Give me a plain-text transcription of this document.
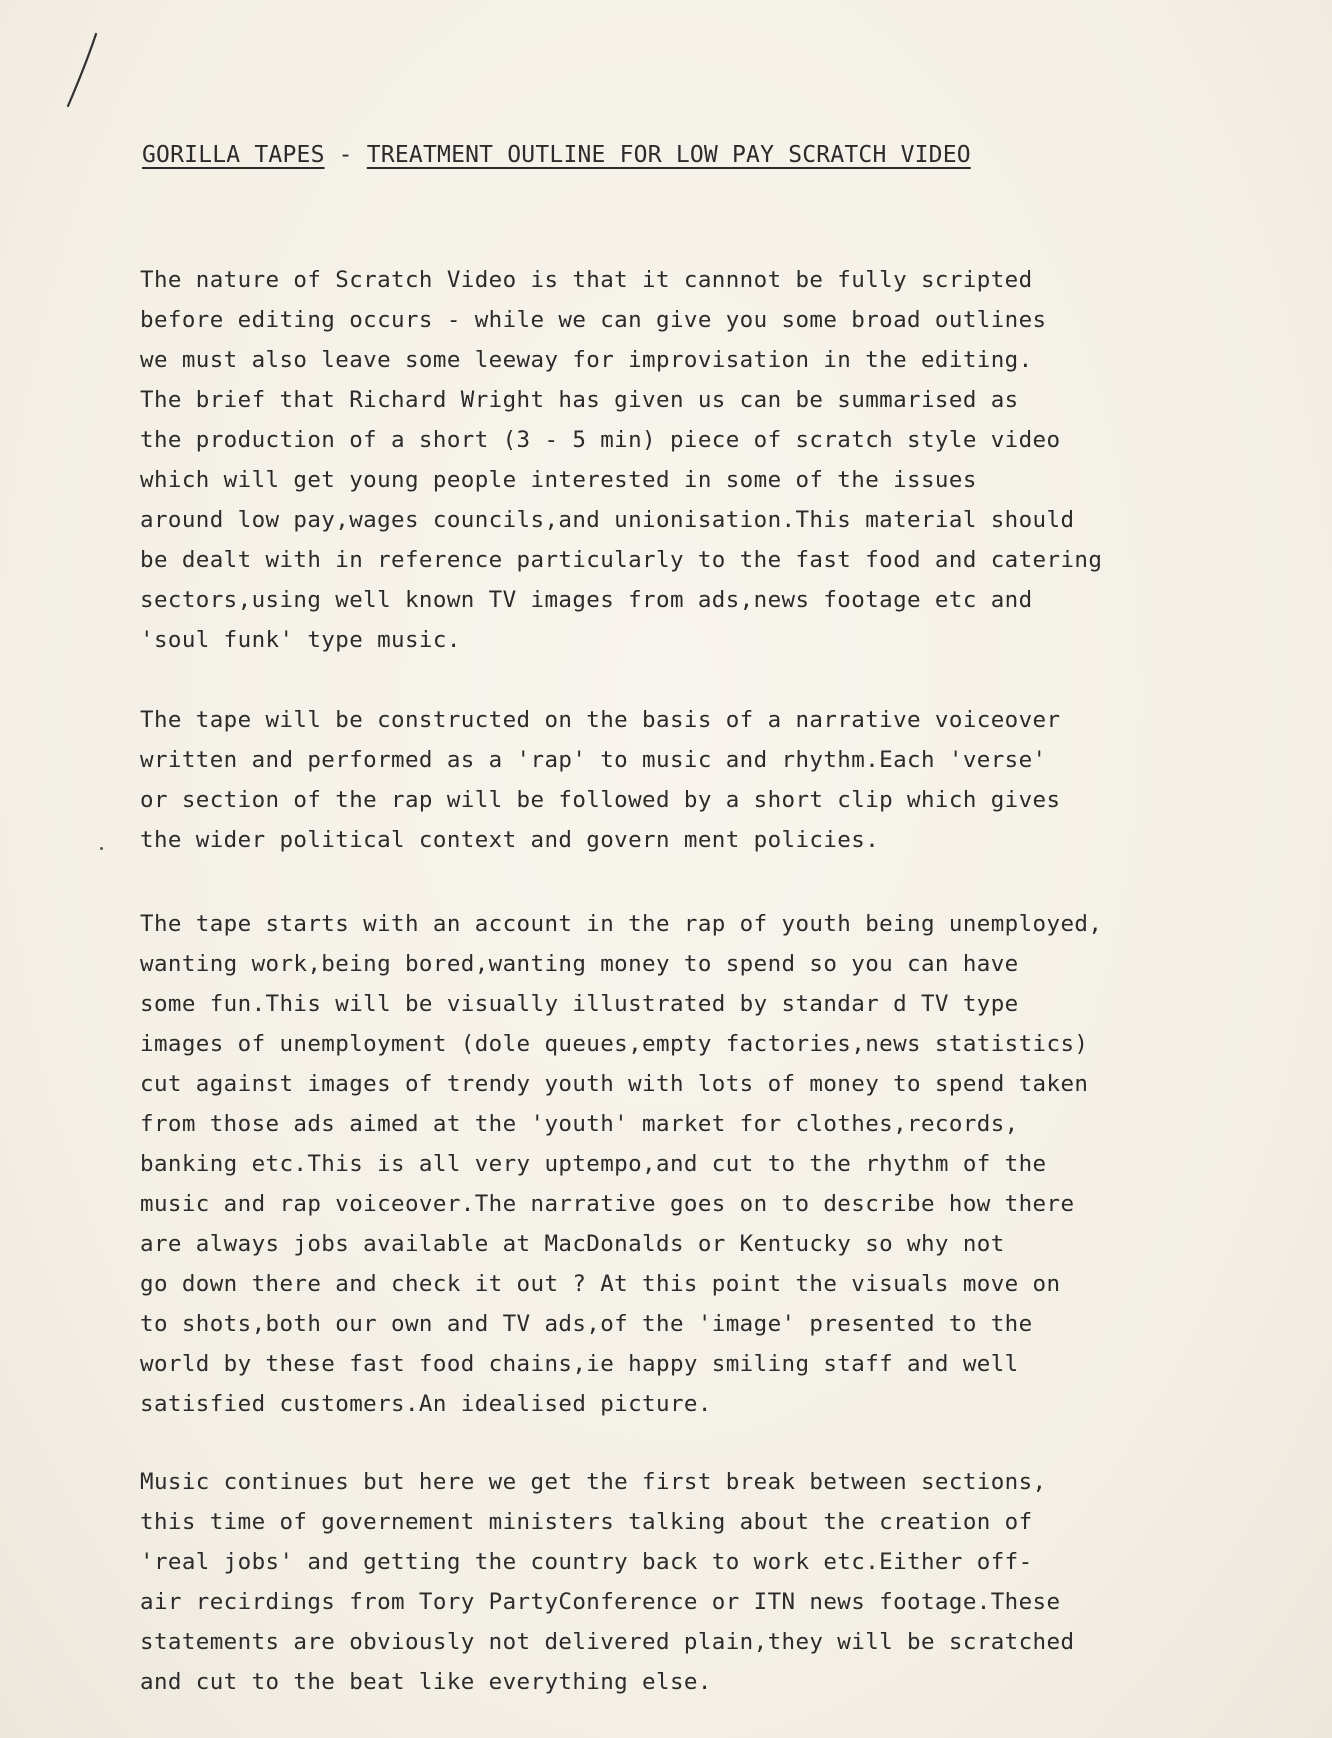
GORILLA TAPES - TREATMENT OUTLINE FOR LOW PAY SCRATCH VIDEO
The nature of Scratch Video is that it cannnot be fully scripted
before editing occurs - while we can give you some broad outlines
we must also leave some leeway for improvisation in the editing.
The brief that Richard Wright has given us can be summarised as
the production of a short (3 - 5 min) piece of scratch style video
which will get young people interested in some of the issues
around low pay,wages councils,and unionisation.This material should
be dealt with in reference particularly to the fast food and catering
sectors,using well known TV images from ads,news footage etc and
'soul funk' type music.
The tape will be constructed on the basis of a narrative voiceover
written and performed as a 'rap' to music and rhythm.Each 'verse'
or section of the rap will be followed by a short clip which gives
the wider political context and govern ment policies.
The tape starts with an account in the rap of youth being unemployed,
wanting work,being bored,wanting money to spend so you can have
some fun.This will be visually illustrated by standar d TV type
images of unemployment (dole queues,empty factories,news statistics)
cut against images of trendy youth with lots of money to spend taken
from those ads aimed at the 'youth' market for clothes,records,
banking etc.This is all very uptempo,and cut to the rhythm of the
music and rap voiceover.The narrative goes on to describe how there
are always jobs available at MacDonalds or Kentucky so why not
go down there and check it out ? At this point the visuals move on
to shots,both our own and TV ads,of the 'image' presented to the
world by these fast food chains,ie happy smiling staff and well
satisfied customers.An idealised picture.
Music continues but here we get the first break between sections,
this time of governement ministers talking about the creation of
'real jobs' and getting the country back to work etc.Either off-
air recirdings from Tory PartyConference or ITN news footage.These
statements are obviously not delivered plain,they will be scratched
and cut to the beat like everything else.
